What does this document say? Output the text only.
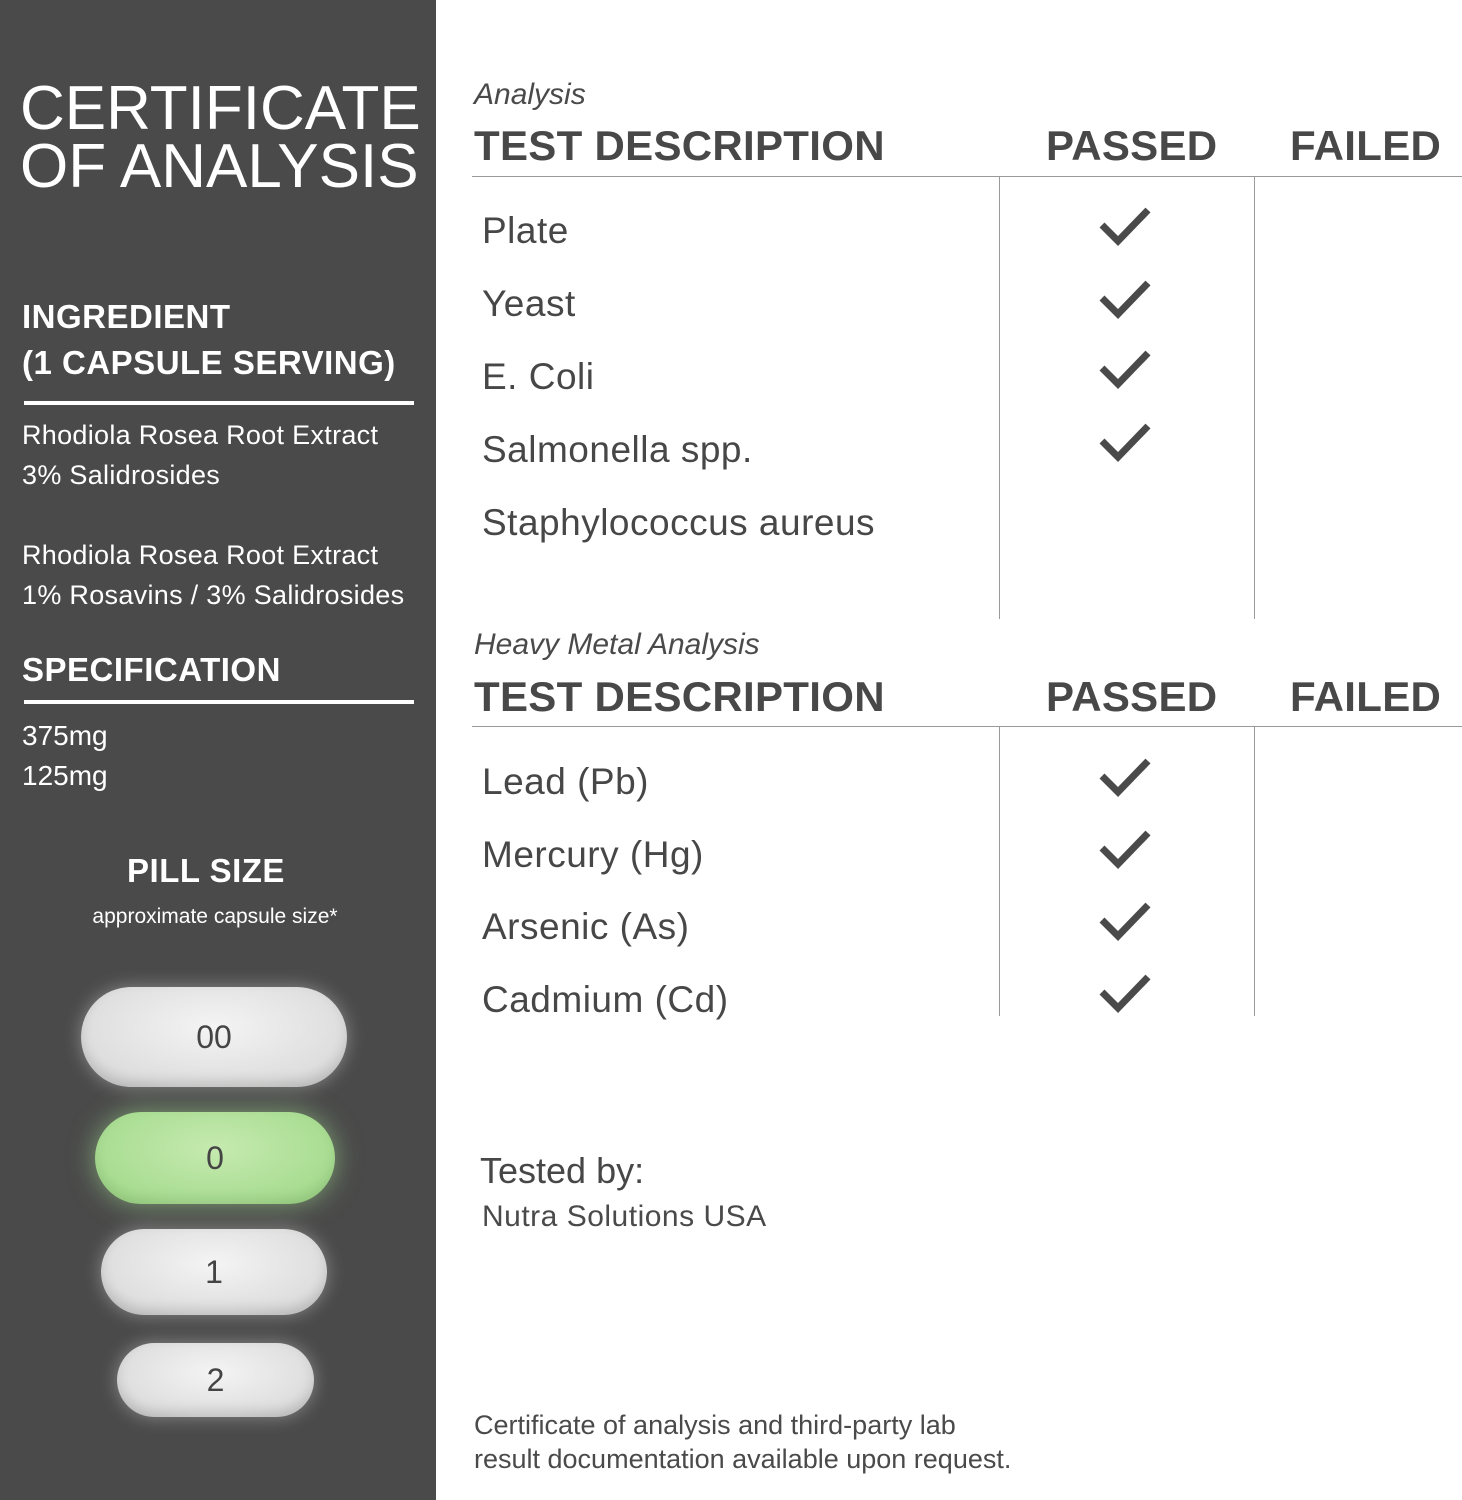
CERTIFICATE
OF ANALYSIS
INGREDIENT
(1 CAPSULE SERVING)
Rhodiola Rosea Root Extract
3% Salidrosides
Rhodiola Rosea Root Extract
1% Rosavins / 3% Salidrosides
SPECIFICATION
375mg
125mg
PILL SIZE
approximate capsule size*
00
0
1
2
Analysis
TEST DESCRIPTION	PASSED FAILED
Plate
Yeast
E. Coli
Salmonella spp.
Staphylococcus aureus
Heavy Metal Analysis
TEST DESCRIPTION	PASSED FAILED
Lead (Pb)
Mercury (Hg)
Arsenic (As)
Cadmium (Cd)
Tested by:
Nutra Solutions USA
Certificate of analysis and third-party lab
result documentation available upon request.
